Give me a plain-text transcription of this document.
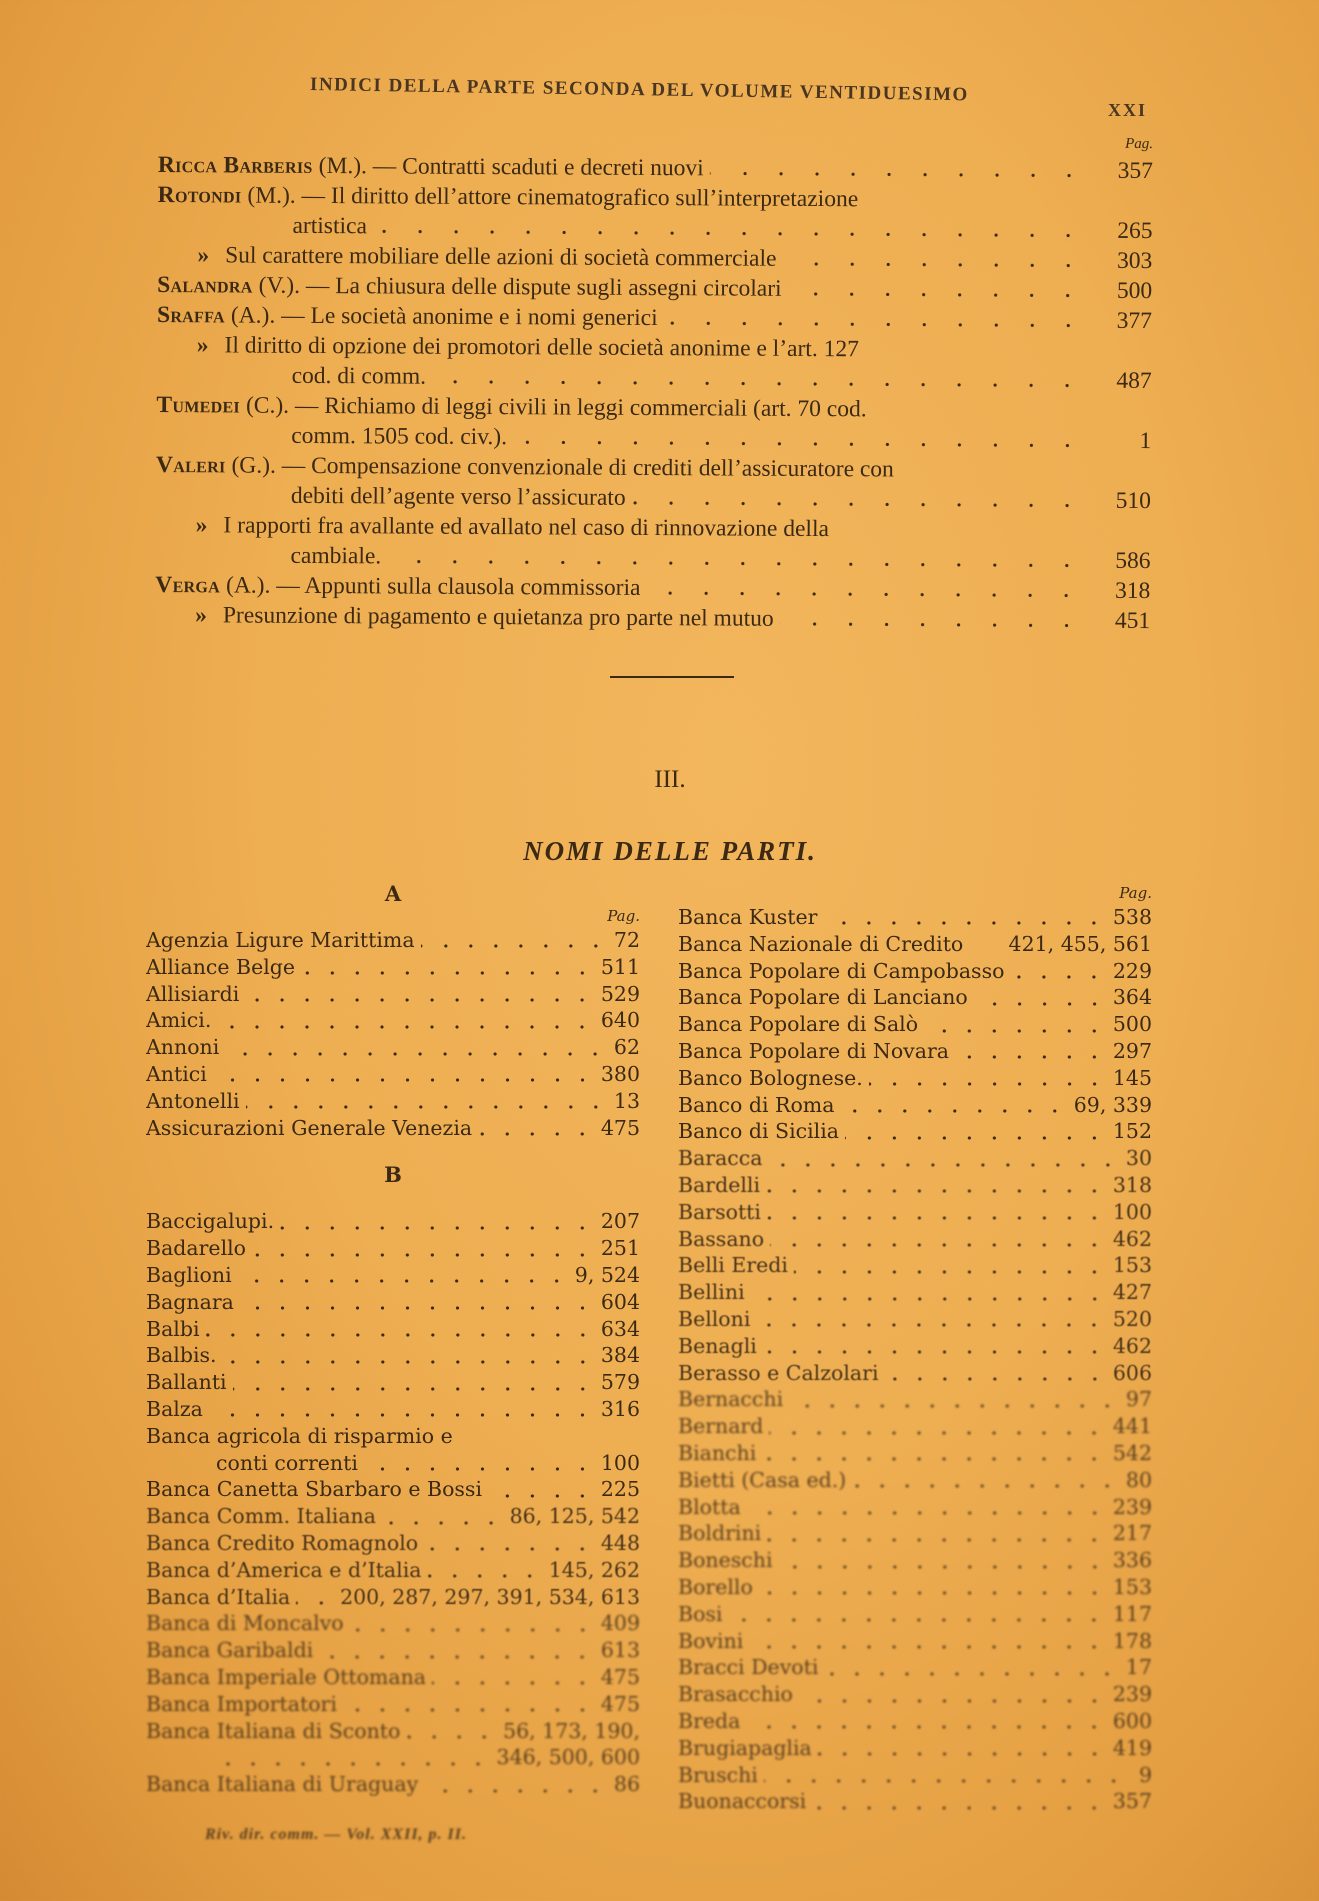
INDICI DELLA PARTE SECONDA DEL VOLUME VENTIDUESIMO
XXI
Pag.
Ricca Barberis (M.). — Contratti scaduti e decreti nuovi	357
Rotondi (M.). — Il diritto dell’attore cinematografico sull’interpretazione
artistica	265
» Sul carattere mobiliare delle azioni di società commerciale	303
Salandra (V.). — La chiusura delle dispute sugli assegni circolari	500
Sraffa (A.). — Le società anonime e i nomi generici	377
» Il diritto di opzione dei promotori delle società anonime e l’art. 127
cod. di comm.	487
Tumedei (C.). — Richiamo di leggi civili in leggi commerciali (art. 70 cod.
comm. 1505 cod. civ.).	1
Valeri (G.). — Compensazione convenzionale di crediti dell’assicuratore con
debiti dell’agente verso l’assicurato	510
» I rapporti fra avallante ed avallato nel caso di rinnovazione della
cambiale.	586
Verga (A.). — Appunti sulla clausola commissoria	318
» Presunzione di pagamento e quietanza pro parte nel mutuo	451
III.
NOMI DELLE PARTI.
A
Pag.
Agenzia Ligure Marittima	72
Alliance Belge	511
Allisiardi	529
Amici.	640
Annoni	62
Antici	380
Antonelli	13
Assicurazioni Generale Venezia	475
B
Baccigalupi.	207
Badarello	251
Baglioni	9, 524
Bagnara	604
Balbi	634
Balbis.	384
Ballanti	579
Balza	316
Banca agricola di risparmio e
conti correnti	100
Banca Canetta Sbarbaro e Bossi	225
Banca Comm. Italiana	86, 125, 542
Banca Credito Romagnolo	448
Banca d’America e d’Italia	145, 262
Banca d’Italia 200, 287, 297, 391, 534, 613
Banca di Moncalvo	409
Banca Garibaldi	613
Banca Imperiale Ottomana	475
Banca Importatori	475
Banca Italiana di Sconto	56, 173, 190,
346, 500, 600
Banca Italiana di Uraguay	86
Pag.
Banca Kuster	538
Banca Nazionale di Credito 421, 455, 561
Banca Popolare di Campobasso	229
Banca Popolare di Lanciano	364
Banca Popolare di Salò	500
Banca Popolare di Novara	297
Banco Bolognese.	145
Banco di Roma	69, 339
Banco di Sicilia	152
Baracca	30
Bardelli	318
Barsotti	100
Bassano	462
Belli Eredi	153
Bellini	427
Belloni	520
Benagli	462
Berasso e Calzolari	606
Bernacchi	97
Bernard	441
Bianchi	542
Bietti (Casa ed.)	80
Blotta	239
Boldrini	217
Boneschi	336
Borello	153
Bosi	117
Bovini	178
Bracci Devoti	17
Brasacchio	239
Breda	600
Brugiapaglia	419
Bruschi	9
Buonaccorsi	357
Riv. dir. comm. — Vol. XXII, p. II.
